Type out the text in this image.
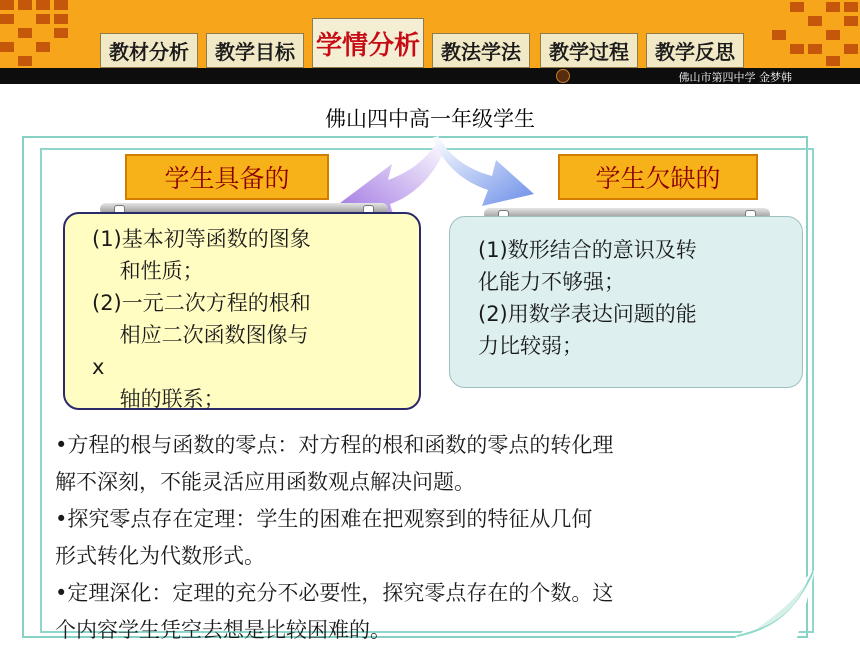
教材分析	教学目标 学情分析	教法学法	教学过程	教学反思
佛山市第四中学 金梦韩
佛山四中高一年级学生
学生具备的
(1)基本初等函数的图象
　 和性质；
(2)一元二次方程的根和
　 相应二次函数图像与
x
　 轴的联系；
学生欠缺的
(1)数形结合的意识及转
化能力不够强；
(2)用数学表达问题的能
力比较弱；
•方程的根与函数的零点：对方程的根和函数的零点的转化理
解不深刻，不能灵活应用函数观点解决问题。
•探究零点存在定理：学生的困难在把观察到的特征从几何
形式转化为代数形式。
•定理深化：定理的充分不必要性，探究零点存在的个数。这
个内容学生凭空去想是比较困难的。
